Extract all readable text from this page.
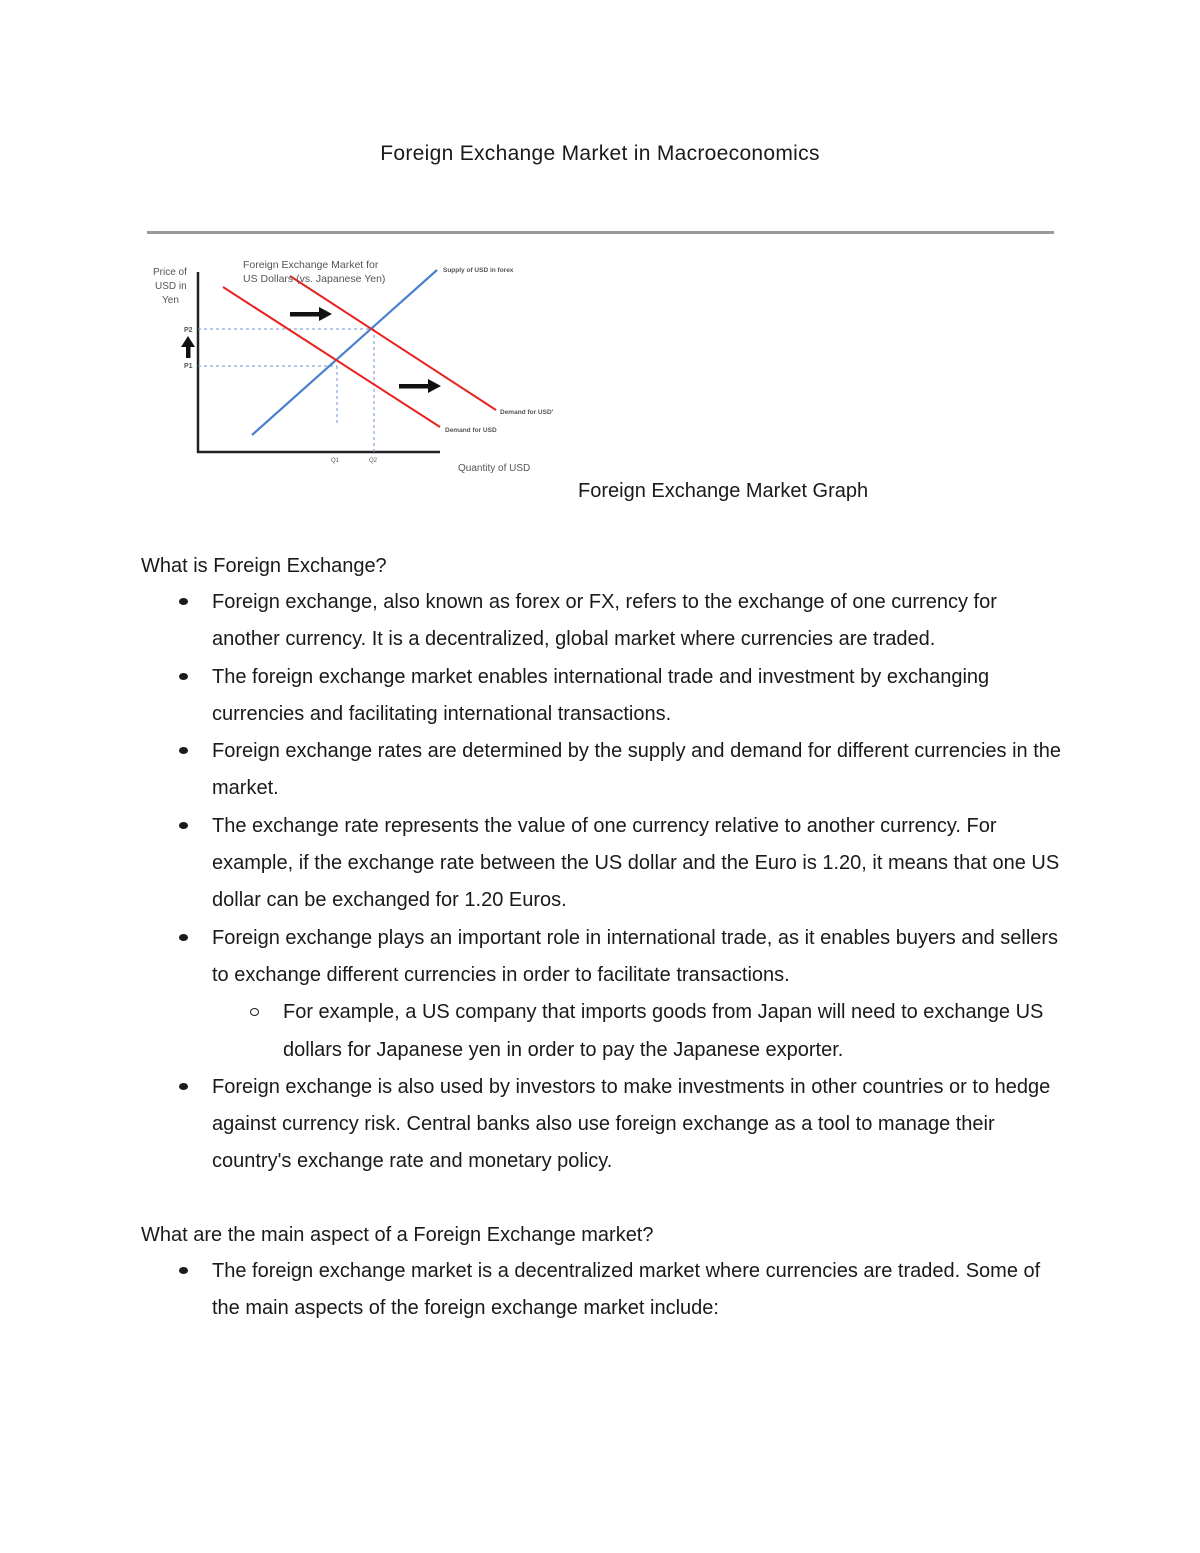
Foreign Exchange Market in Macroeconomics
Price of
USD in
Yen
Foreign Exchange Market for
US Dollars (vs. Japanese Yen)
Supply of USD in forex
Demand for USD'
Demand for USD
P2
P1
Q1	Q2
Quantity of USD
Foreign Exchange Market Graph
What is Foreign Exchange?
Foreign exchange, also known as forex or FX, refers to the exchange of one currency for another currency. It is a decentralized, global market where currencies are traded.
The foreign exchange market enables international trade and investment by exchanging currencies and facilitating international transactions.
Foreign exchange rates are determined by the supply and demand for different currencies in the market.
The exchange rate represents the value of one currency relative to another currency. For example, if the exchange rate between the US dollar and the Euro is 1.20, it means that one US dollar can be exchanged for 1.20 Euros.
Foreign exchange plays an important role in international trade, as it enables buyers and sellers to exchange different currencies in order to facilitate transactions.
For example, a US company that imports goods from Japan will need to exchange US dollars for Japanese yen in order to pay the Japanese exporter.
Foreign exchange is also used by investors to make investments in other countries or to hedge against currency risk. Central banks also use foreign exchange as a tool to manage their country's exchange rate and monetary policy.
What are the main aspect of a Foreign Exchange market?
The foreign exchange market is a decentralized market where currencies are traded. Some of the main aspects of the foreign exchange market include:
